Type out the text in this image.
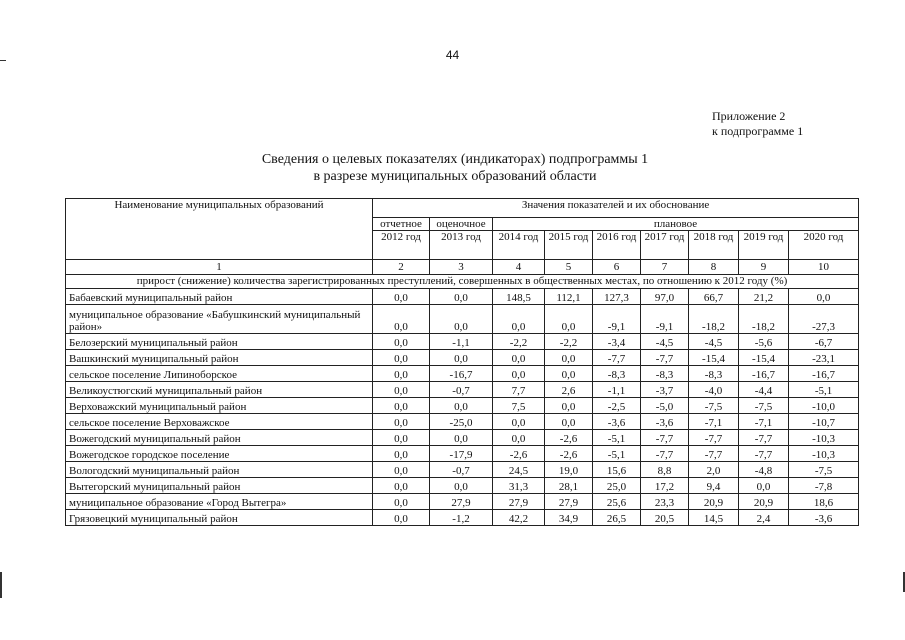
44
Приложение 2
к подпрограмме 1
Сведения о целевых показателях (индикаторах) подпрограммы 1
в разрезе муниципальных образований области
Наименование муниципальных образований	Значения показателей и их обоснование								
	отчетное	оценочное	плановое						
	2012 год	2013 год	2014 год	2015 год	2016 год	2017 год	2018 год	2019 год	2020 год
1	2	3	4	5	6	7	8	9	10
прирост (снижение) количества зарегистрированных преступлений, совершенных в общественных местах, по отношению к 2012 году (%)									
Бабаевский муниципальный район	0,0	0,0	148,5	112,1	127,3	97,0	66,7	21,2	0,0
муниципальное образование «Бабушкинский муниципальный район»	0,0	0,0	0,0	0,0	-9,1	-9,1	-18,2	-18,2	-27,3
Белозерский муниципальный район	0,0	-1,1	-2,2	-2,2	-3,4	-4,5	-4,5	-5,6	-6,7
Вашкинский муниципальный район	0,0	0,0	0,0	0,0	-7,7	-7,7	-15,4	-15,4	-23,1
сельское поселение Липиноборское	0,0	-16,7	0,0	0,0	-8,3	-8,3	-8,3	-16,7	-16,7
Великоустюгский муниципальный район	0,0	-0,7	7,7	2,6	-1,1	-3,7	-4,0	-4,4	-5,1
Верховажский муниципальный район	0,0	0,0	7,5	0,0	-2,5	-5,0	-7,5	-7,5	-10,0
сельское поселение Верховажское	0,0	-25,0	0,0	0,0	-3,6	-3,6	-7,1	-7,1	-10,7
Вожегодский муниципальный район	0,0	0,0	0,0	-2,6	-5,1	-7,7	-7,7	-7,7	-10,3
Вожегодское городское поселение	0,0	-17,9	-2,6	-2,6	-5,1	-7,7	-7,7	-7,7	-10,3
Вологодский муниципальный район	0,0	-0,7	24,5	19,0	15,6	8,8	2,0	-4,8	-7,5
Вытегорский муниципальный район	0,0	0,0	31,3	28,1	25,0	17,2	9,4	0,0	-7,8
муниципальное образование «Город Вытегра»	0,0	27,9	27,9	27,9	25,6	23,3	20,9	20,9	18,6
Грязовецкий муниципальный район	0,0	-1,2	42,2	34,9	26,5	20,5	14,5	2,4	-3,6
